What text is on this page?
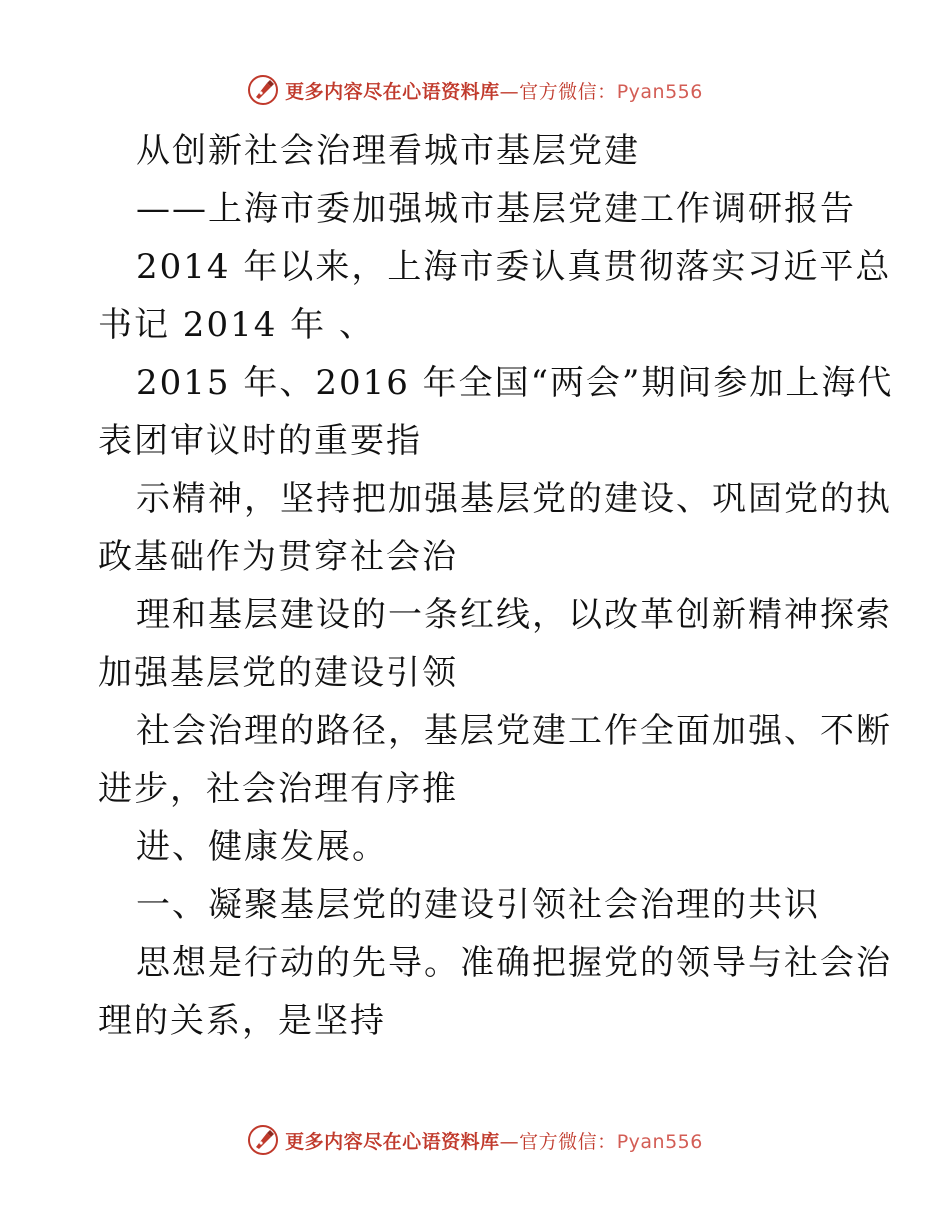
更多内容尽在心语资料库—官方微信：Pyan556
从创新社会治理看城市基层党建
——上海市委加强城市基层党建工作调研报告
2014 年以来，上海市委认真贯彻落实习近平总
书记 2014 年 、
2015 年、2016 年全国“两会”期间参加上海代
表团审议时的重要指
示精神，坚持把加强基层党的建设、巩固党的执
政基础作为贯穿社会治
理和基层建设的一条红线，以改革创新精神探索
加强基层党的建设引领
社会治理的路径，基层党建工作全面加强、不断
进步，社会治理有序推
进、健康发展。
一、凝聚基层党的建设引领社会治理的共识
思想是行动的先导。准确把握党的领导与社会治
理的关系，是坚持
更多内容尽在心语资料库—官方微信：Pyan556
